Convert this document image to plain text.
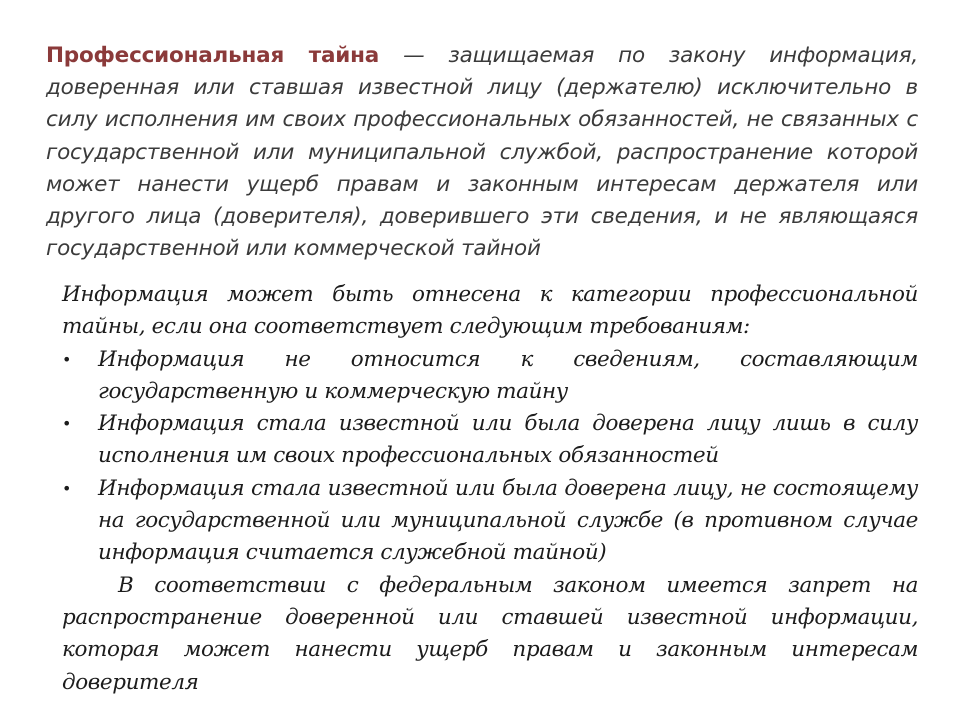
Профессиональная тайна — защищаемая по закону информация, доверенная или ставшая известной лицу (держателю) исключительно в силу исполнения им своих профессиональных обязанностей, не связанных с государственной или муниципальной службой, распространение которой может нанести ущерб правам и законным интересам держателя или другого лица (доверителя), доверившего эти сведения, и не являющаяся государственной или коммерческой тайной

Информация может быть отнесена к категории профессиональной тайны, если она соответствует следующим требованиям:

• Информация не относится к сведениям, составляющим государственную и коммерческую тайну
• Информация стала известной или была доверена лицу лишь в силу исполнения им своих профессиональных обязанностей
• Информация стала известной или была доверена лицу, не состоящему на государственной или муниципальной службе (в противном случае информация считается служебной тайной)

В соответствии с федеральным законом имеется запрет на распространение доверенной или ставшей известной информации, которая может нанести ущерб правам и законным интересам доверителя
